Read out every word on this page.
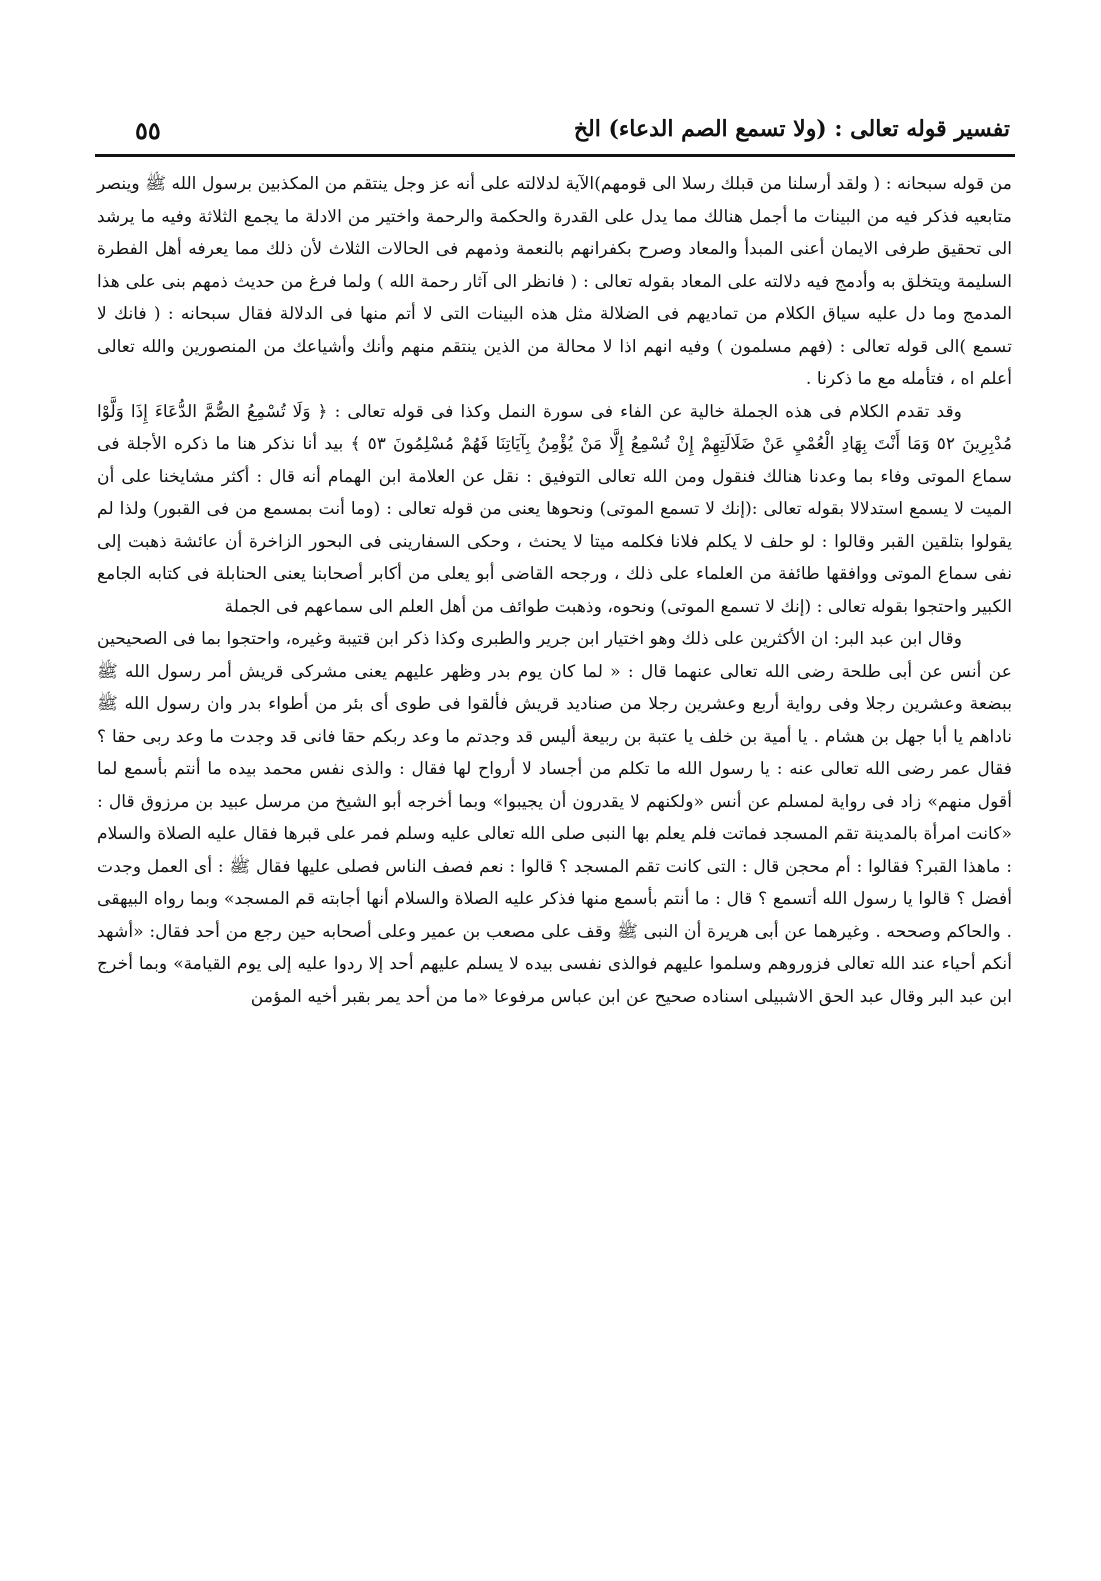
تفسير قوله تعالى : (ولا تسمع الصم الدعاء) الخ
٥٥

من قوله سبحانه : ( ولقد أرسلنا من قبلك رسلا الى قومهم)الآية لدلالته على أنه عز وجل ينتقم من المكذبين برسول الله ﷺ وينصر متابعيه فذكر فيه من البينات ما أجمل هنالك مما يدل على القدرة والحكمة والرحمة واختير من الادلة ما يجمع الثلاثة وفيه ما يرشد الى تحقيق طرفى الايمان أعنى المبدأ والمعاد وصرح بكفرانهم بالنعمة وذمهم فى الحالات الثلاث لأن ذلك مما يعرفه أهل الفطرة السليمة ويتخلق به وأدمج فيه دلالته على المعاد بقوله تعالى : ( فانظر الى آثار رحمة الله ) ولما فرغ من حديث ذمهم بنى على هذا المدمج وما دل عليه سياق الكلام من تماديهم فى الضلالة مثل هذه البينات التى لا أتم منها فى الدلالة فقال سبحانه : ( فانك لا تسمع )الى قوله تعالى : (فهم مسلمون ) وفيه انهم اذا لا محالة من الذين ينتقم منهم وأنك وأشياعك من المنصورين والله تعالى أعلم اه ، فتأمله مع ما ذكرنا .

وقد تقدم الكلام فى هذه الجملة خالية عن الفاء فى سورة النمل وكذا فى قوله تعالى : ﴿ وَلَا تُسْمِعُ الصُّمَّ الدُّعَاءَ إِذَا وَلَّوْا مُدْبِرِينَ ٥٢ وَمَا أَنْتَ بِهَادِ الْعُمْيِ عَنْ ضَلَالَتِهِمْ إِنْ تُسْمِعُ إِلَّا مَنْ يُؤْمِنُ بِآيَاتِنَا فَهُمْ مُسْلِمُونَ ٥٣ ﴾ بيد أنا نذكر هنا ما ذكره الأجلة فى سماع الموتى وفاء بما وعدنا هنالك فنقول ومن الله تعالى التوفيق : نقل عن العلامة ابن الهمام أنه قال : أكثر مشايخنا على أن الميت لا يسمع استدلالا بقوله تعالى :(إنك لا تسمع الموتى) ونحوها يعنى من قوله تعالى : (وما أنت بمسمع من فى القبور) ولذا لم يقولوا بتلقين القبر وقالوا : لو حلف لا يكلم فلانا فكلمه ميتا لا يحنث ، وحكى السفارينى فى البحور الزاخرة أن عائشة ذهبت إلى نفى سماع الموتى ووافقها طائفة من العلماء على ذلك ، ورجحه القاضى أبو يعلى من أكابر أصحابنا يعنى الحنابلة فى كتابه الجامع الكبير واحتجوا بقوله تعالى : (إنك لا تسمع الموتى) ونحوه، وذهبت طوائف من أهل العلم الى سماعهم فى الجملة

وقال ابن عبد البر: ان الأكثرين على ذلك وهو اختيار ابن جرير والطبرى وكذا ذكر ابن قتيبة وغيره، واحتجوا بما فى الصحيحين عن أنس عن أبى طلحة رضى الله تعالى عنهما قال : « لما كان يوم بدر وظهر عليهم يعنى مشركى قريش أمر رسول الله ﷺ ببضعة وعشرين رجلا وفى رواية أربع وعشرين رجلا من صناديد قريش فألقوا فى طوى أى بئر من أطواء بدر وان رسول الله ﷺ ناداهم يا أبا جهل بن هشام . يا أمية بن خلف يا عتبة بن ربيعة أليس قد وجدتم ما وعد ربكم حقا فانى قد وجدت ما وعد ربى حقا ؟ فقال عمر رضى الله تعالى عنه : يا رسول الله ما تكلم من أجساد لا أرواح لها فقال : والذى نفس محمد بيده ما أنتم بأسمع لما أقول منهم» زاد فى رواية لمسلم عن أنس «ولكنهم لا يقدرون أن يجيبوا» وبما أخرجه أبو الشيخ من مرسل عبيد بن مرزوق قال : «كانت امرأة بالمدينة تقم المسجد فماتت فلم يعلم بها النبى صلى الله تعالى عليه وسلم فمر على قبرها فقال عليه الصلاة والسلام : ماهذا القبر؟ فقالوا : أم محجن قال : التى كانت تقم المسجد ؟ قالوا : نعم فصف الناس فصلى عليها فقال ﷺ : أى العمل وجدت أفضل ؟ قالوا يا رسول الله أتسمع ؟ قال : ما أنتم بأسمع منها فذكر عليه الصلاة والسلام أنها أجابته قم المسجد» وبما رواه البيهقى . والحاكم وصححه . وغيرهما عن أبى هريرة أن النبى ﷺ وقف على مصعب بن عمير وعلى أصحابه حين رجع من أحد فقال: «أشهد أنكم أحياء عند الله تعالى فزوروهم وسلموا عليهم فوالذى نفسى بيده لا يسلم عليهم أحد إلا ردوا عليه إلى يوم القيامة» وبما أخرج ابن عبد البر وقال عبد الحق الاشبيلى اسناده صحيح عن ابن عباس مرفوعا «ما من أحد يمر بقبر أخيه المؤمن
